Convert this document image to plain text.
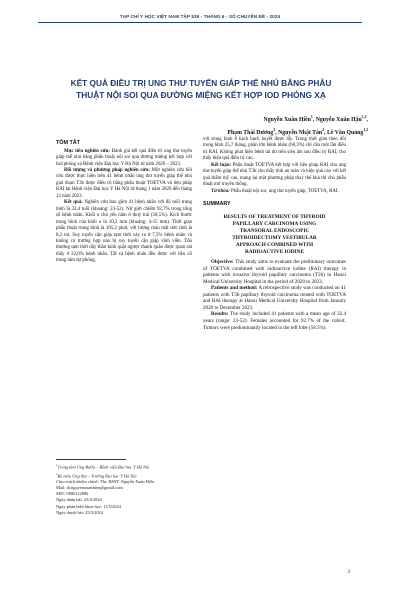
TẠP CHÍ Y HỌC VIỆT NAM TẬP 539 - THÁNG 6 - SỐ CHUYÊN ĐỀ - 2024
KẾT QUẢ ĐIỀU TRỊ UNG THƯ TUYẾN GIÁP THỂ NHÚ BẰNG PHẪU
THUẬT NỘI SOI QUA ĐƯỜNG MIỆNG KẾT HỢP IOD PHÓNG XẠ
Nguyễn Xuân Hiền$^1$, Nguyễn Xuân Hậu$^{1,2}$,
Phạm Thái Dương$^2$, Nguyễn Nhật Tân$^2$, Lê Văn Quảng$^{1,2}$
TÓM TẮT
Mục tiêu nghiên cứu: Đánh giá kết quả điều trị ung thư tuyến giáp thể nhú bằng phẫu thuật nội soi qua đường miệng kết hợp với Iod phóng xạ Bệnh viện Đại học Y Hà Nội từ năm 2020 – 2023.
Đối tượng và phương pháp nghiên cứu: Một nghiên cứu hồi cứu được thực hiện trên 41 bệnh nhân ung thư tuyến giáp thể nhú giai đoạn T3b được điều trị bằng phẫu thuật TOETVA và liệu pháp RAI tại Bệnh viện Đại học Y Hà Nội từ tháng 1 năm 2020 đến tháng 12 năm 2023.
Kết quả: Nghiên cứu bao gồm 41 bệnh nhân với độ tuổi trung bình là 32,4 tuổi (khoảng: 23-52). Nữ giới chiếm 92,7% trong tổng số bệnh nhân. Khối u chủ yếu nằm ở thuỳ trái (58,5%). Kích thước trung bình của khối u là 10,2 mm (khoảng: 4-15 mm). Thời gian phẫu thuật trung bình là 105,2 phút, với lượng máu mất ước tính là 8,2 ml. Suy tuyến cận giáp tạm thời xảy ra ở 7,5% bệnh nhân và không có trường hợp nào bị suy tuyến cận giáp vĩnh viễn. Tổn thương tạm thời dây thần kinh quặt ngược thanh quản được quan sát thấy ở 22,0% bệnh nhân. Tất cả bệnh nhân đều được với liều cố trung tâm dự phòng,
$^1$Trung tâm Ung Bướu – Bệnh viện Đại học Y Hà Nội
$^2$Bộ môn Ung thư – Trường Đại học Y Hà Nội
Chịu trách nhiệm chính: Ths. BSNT. Nguyễn Xuân Hiền
Mail: dr.nguyenxuanhien@gmail.com
SĐT: 0886122886
Ngày nhận bài: 25/4/2024
Ngày phản biện khoa học: 11/5/2024
Ngày duyệt bài: 25/5/2024
với trung bình 8 hạch bạch huyết được lấy. Trong thời gian theo dõi trung bình 25,7 tháng, phần lớn bệnh nhân (68,3%) chỉ cần một lần điều trị RAI. Không phát hiện bệnh tái dư trên siêu âm sau điều trị RAI, cho thấy hiệu quả điều trị cao.
Kết luận: Phẫu thuật TOETVA kết hợp với liệu pháp RAI cho ung thư tuyến giáp thể nhú T3b cho thấy tính an toàn và hiệu quả cao với kết quả thẩm mỹ cao, mang lại một phương pháp thay thế khả thi cho phẫu thuật mở truyền thống.
Từ khóa: Phẫu thuật nội soi, ung thư tuyến giáp, TOETVA, RAI.
SUMMARY
RESULTS OF TREATMENT OF THYROID
PAPILLARY CARCINOMA USING
TRANSORAL ENDOSCOPIC
THYROIDECTOMY VESTIBULAR
APPROACH COMBINED WITH
RADIOACTIVE IODINE
Objective: This study aims to evaluate the preliminary outcomes of TOETVA combined with radioactive iodine (RAI) therapy in patients with invasive thyroid papillary carcinoma (T3b) in Hanoi Medical University Hospital in the period of 2020 to 2023.
Patients and method: A retrospective study was conducted on 41 patients with T3b papillary thyroid carcinoma treated with TOETVA and RAI therapy at Hanoi Medical University Hospital from January 2020 to December 2023.
Results: The study included 41 patients with a mean age of 32.4 years (range: 23-52). Females accounted for 92.7% of the cohort. Tumors were predominantly located in the left lobe (58.5%).
3
